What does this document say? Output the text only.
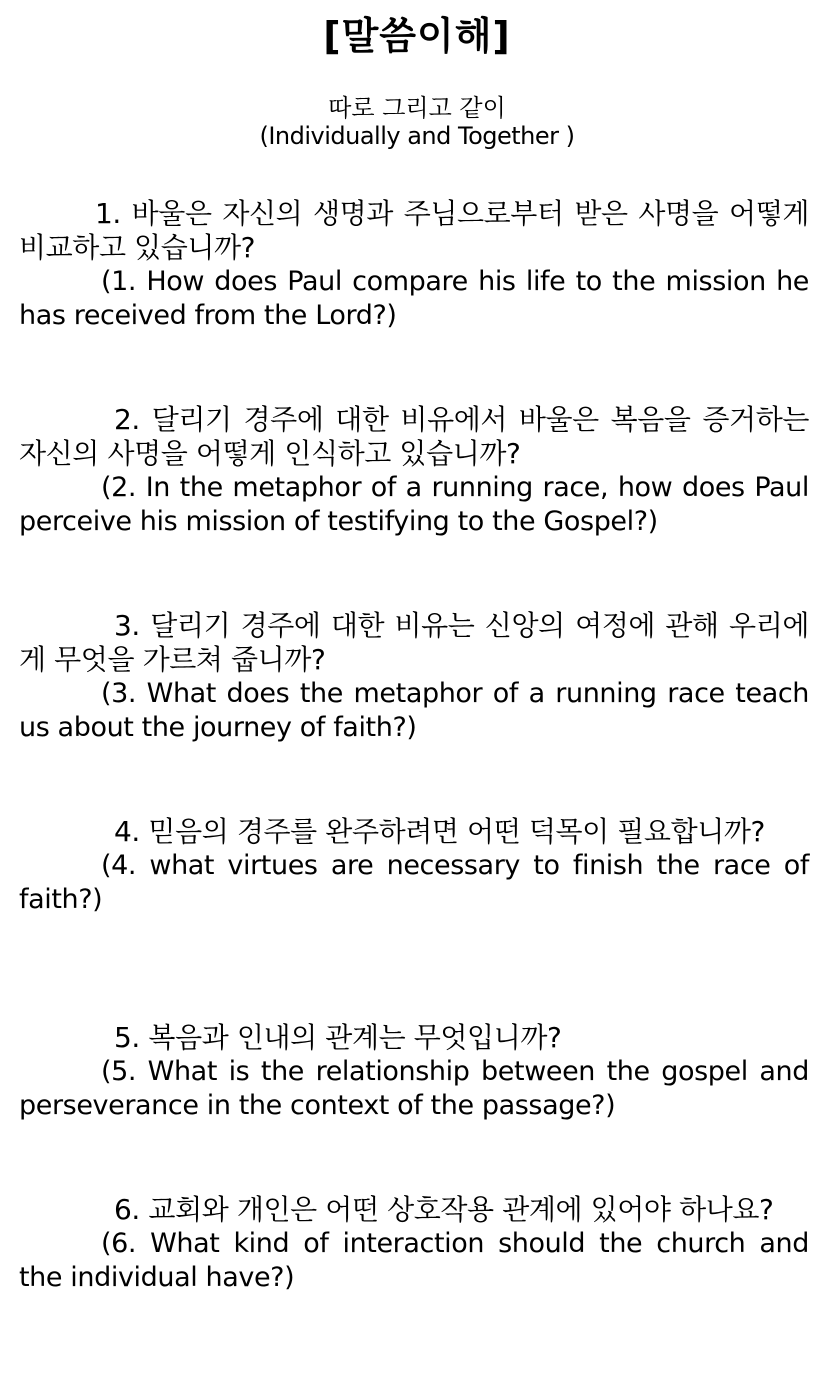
[말씀이해]
따로 그리고 같이
(Individually and Together )

1. 바울은 자신의 생명과 주님으로부터 받은 사명을 어떻게 비교하고 있습니까?

(1. How does Paul compare his life to the mission he has received from the Lord?)

2. 달리기 경주에 대한 비유에서 바울은 복음을 증거하는 자신의 사명을 어떻게 인식하고 있습니까?

(2. In the metaphor of a running race, how does Paul perceive his mission of testifying to the Gospel?)

3. 달리기 경주에 대한 비유는 신앙의 여정에 관해 우리에게 무엇을 가르쳐 줍니까?

(3. What does the metaphor of a running race teach us about the journey of faith?)

4. 믿음의 경주를 완주하려면 어떤 덕목이 필요합니까?

(4. what virtues are necessary to finish the race of faith?)

5. 복음과 인내의 관계는 무엇입니까?

(5. What is the relationship between the gospel and perseverance in the context of the passage?)

6. 교회와 개인은 어떤 상호작용 관계에 있어야 하나요?

(6. What kind of interaction should the church and the individual have?)
